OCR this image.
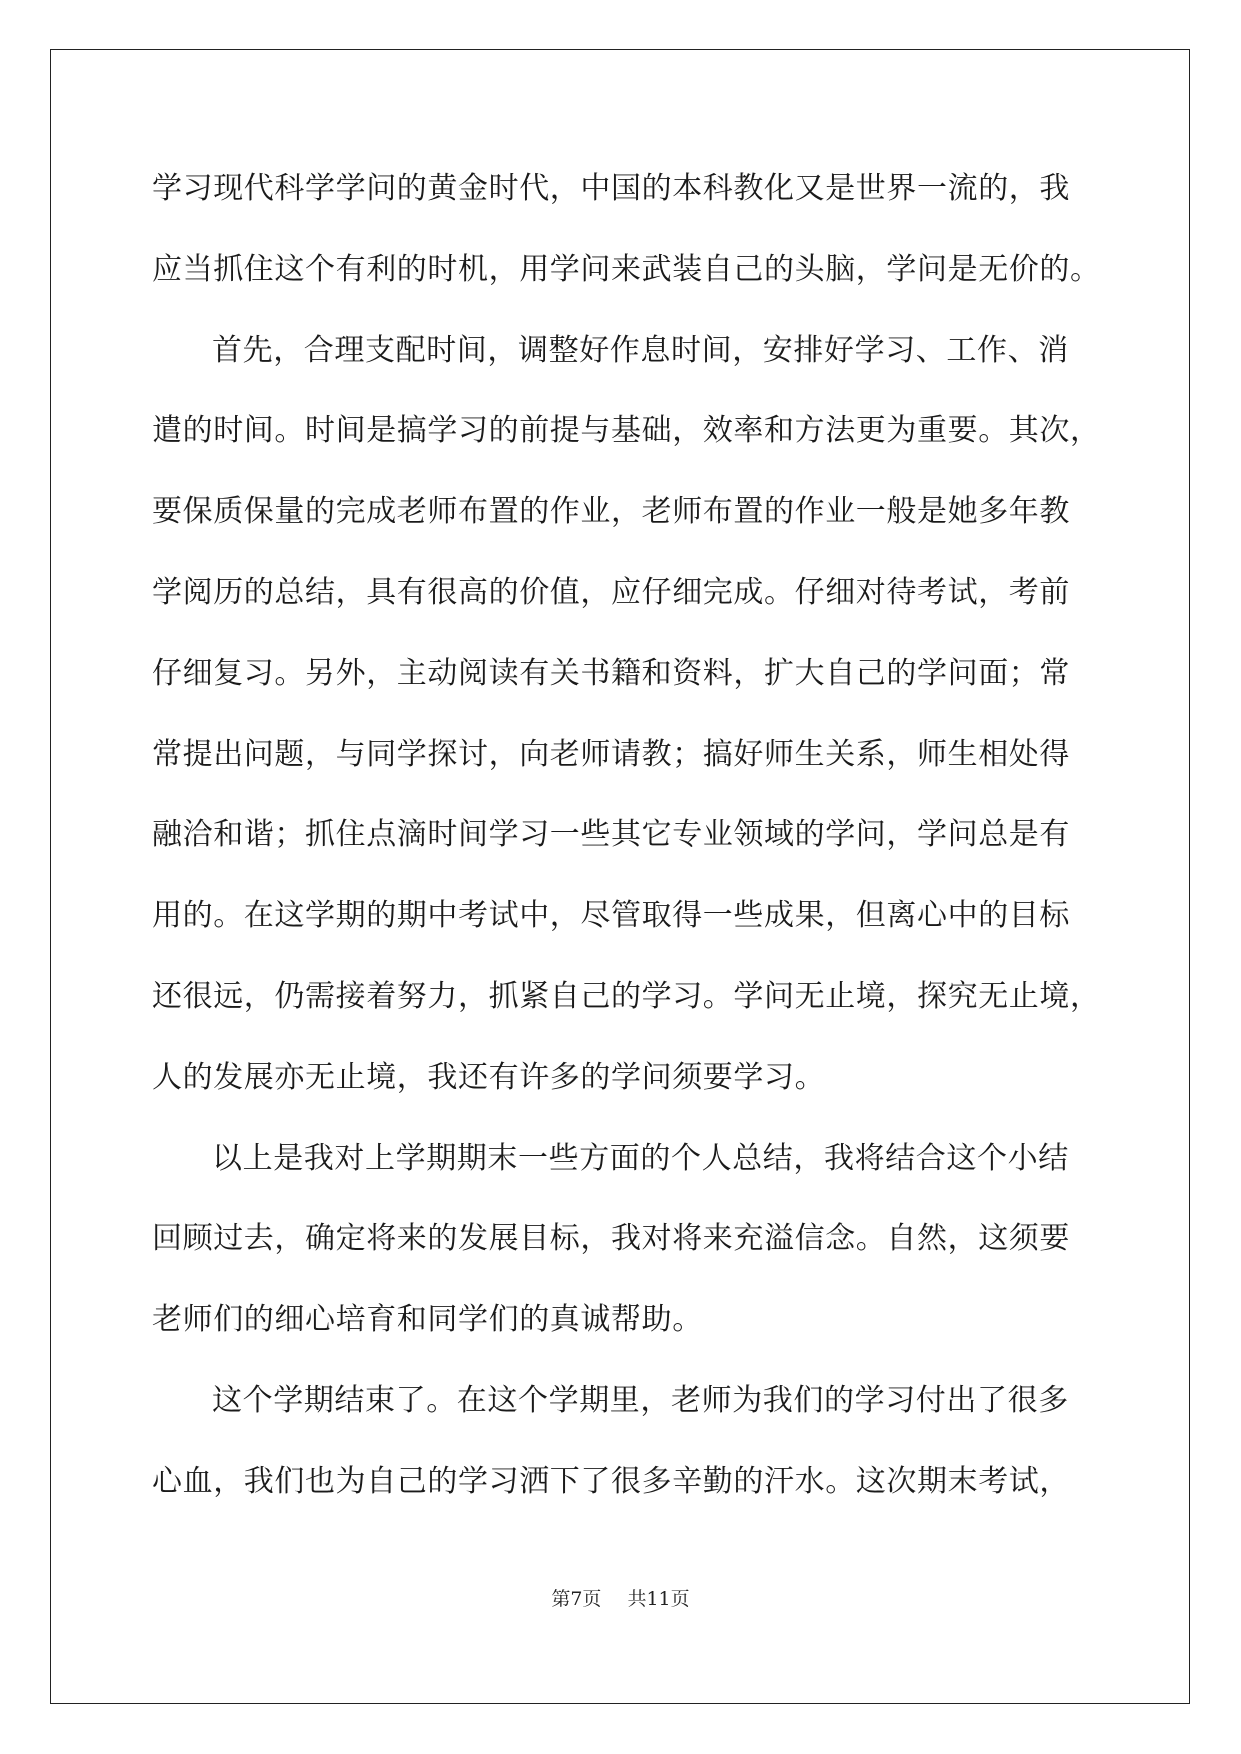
学习现代科学学问的黄金时代，中国的本科教化又是世界一流的，我
应当抓住这个有利的时机，用学问来武装自己的头脑，学问是无价的。
首先，合理支配时间，调整好作息时间，安排好学习、工作、消
遣的时间。时间是搞学习的前提与基础，效率和方法更为重要。其次，
要保质保量的完成老师布置的作业，老师布置的作业一般是她多年教
学阅历的总结，具有很高的价值，应仔细完成。仔细对待考试，考前
仔细复习。另外，主动阅读有关书籍和资料，扩大自己的学问面；常
常提出问题，与同学探讨，向老师请教；搞好师生关系，师生相处得
融洽和谐；抓住点滴时间学习一些其它专业领域的学问，学问总是有
用的。在这学期的期中考试中，尽管取得一些成果，但离心中的目标
还很远，仍需接着努力，抓紧自己的学习。学问无止境，探究无止境，
人的发展亦无止境，我还有许多的学问须要学习。
以上是我对上学期期末一些方面的个人总结，我将结合这个小结
回顾过去，确定将来的发展目标，我对将来充溢信念。自然，这须要
老师们的细心培育和同学们的真诚帮助。
这个学期结束了。在这个学期里，老师为我们的学习付出了很多
心血，我们也为自己的学习洒下了很多辛勤的汗水。这次期末考试，
第7页 共11页
